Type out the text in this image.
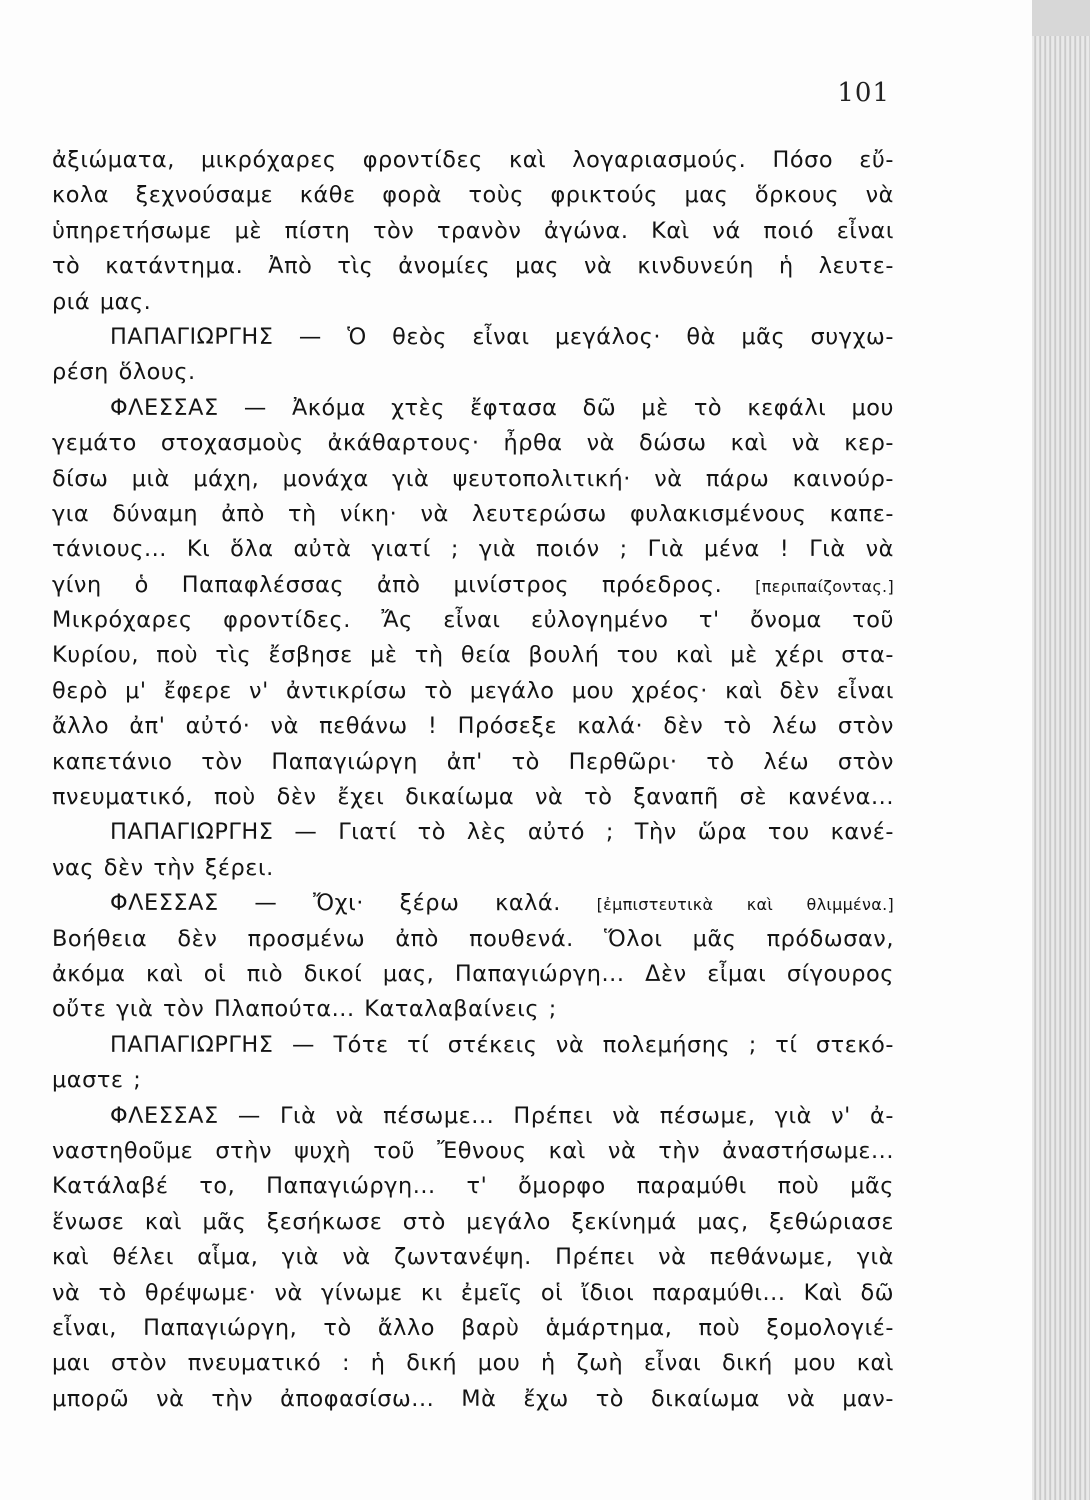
101
ἀξιώματα, μικρόχαρες φροντίδες καὶ λογαριασμούς. Πόσο εὔ-
κολα ξεχνούσαμε κάθε φορὰ τοὺς φρικτούς μας ὅρκους νὰ
ὑπηρετήσωμε μὲ πίστη τὸν τρανὸν ἀγώνα. Καὶ νά ποιό εἶναι
τὸ κατάντημα. Ἀπὸ τὶς ἀνομίες μας νὰ κινδυνεύη ἡ λευτε-
ριά μας.
ΠΑΠΑΓΙΩΡΓΗΣ — Ὁ θεὸς εἶναι μεγάλος· θὰ μᾶς συγχω-
ρέση ὅλους.
ΦΛΕΣΣΑΣ — Ἀκόμα χτὲς ἔφτασα δῶ μὲ τὸ κεφάλι μου
γεμάτο στοχασμοὺς ἀκάθαρτους· ἦρθα νὰ δώσω καὶ νὰ κερ-
δίσω μιὰ μάχη, μονάχα γιὰ ψευτοπολιτική· νὰ πάρω καινούρ-
για δύναμη ἀπὸ τὴ νίκη· νὰ λευτερώσω φυλακισμένους καπε-
τάνιους... Κι ὅλα αὐτὰ γιατί ; γιὰ ποιόν ; Γιὰ μένα ! Γιὰ νὰ
γίνη ὁ Παπαφλέσσας ἀπὸ μινίστρος πρόεδρος. [περιπαίζοντας.]
Μικρόχαρες φροντίδες. Ἄς εἶναι εὐλογημένο τ' ὄνομα τοῦ
Κυρίου, ποὺ τὶς ἔσβησε μὲ τὴ θεία βουλή του καὶ μὲ χέρι στα-
θερὸ μ' ἔφερε ν' ἀντικρίσω τὸ μεγάλο μου χρέος· καὶ δὲν εἶναι
ἄλλο ἀπ' αὐτό· νὰ πεθάνω ! Πρόσεξε καλά· δὲν τὸ λέω στὸν
καπετάνιο τὸν Παπαγιώργη ἀπ' τὸ Περθῶρι· τὸ λέω στὸν
πνευματικό, ποὺ δὲν ἔχει δικαίωμα νὰ τὸ ξαναπῆ σὲ κανένα...
ΠΑΠΑΓΙΩΡΓΗΣ — Γιατί τὸ λὲς αὐτό ; Τὴν ὥρα του κανέ-
νας δὲν τὴν ξέρει.
ΦΛΕΣΣΑΣ — Ὄχι· ξέρω καλά. [ἐμπιστευτικὰ καὶ θλιμμένα.]
Βοήθεια δὲν προσμένω ἀπὸ πουθενά. Ὅλοι μᾶς πρόδωσαν,
ἀκόμα καὶ οἱ πιὸ δικοί μας, Παπαγιώργη... Δὲν εἶμαι σίγουρος
οὔτε γιὰ τὸν Πλαπούτα... Καταλαβαίνεις ;
ΠΑΠΑΓΙΩΡΓΗΣ — Τότε τί στέκεις νὰ πολεμήσης ; τί στεκό-
μαστε ;
ΦΛΕΣΣΑΣ — Γιὰ νὰ πέσωμε... Πρέπει νὰ πέσωμε, γιὰ ν' ἀ-
ναστηθοῦμε στὴν ψυχὴ τοῦ Ἔθνους καὶ νὰ τὴν ἀναστήσωμε...
Κατάλαβέ το, Παπαγιώργη... τ' ὄμορφο παραμύθι ποὺ μᾶς
ἕνωσε καὶ μᾶς ξεσήκωσε στὸ μεγάλο ξεκίνημά μας, ξεθώριασε
καὶ θέλει αἷμα, γιὰ νὰ ζωντανέψη. Πρέπει νὰ πεθάνωμε, γιὰ
νὰ τὸ θρέψωμε· νὰ γίνωμε κι ἐμεῖς οἱ ἴδιοι παραμύθι... Καὶ δῶ
εἶναι, Παπαγιώργη, τὸ ἄλλο βαρὺ ἁμάρτημα, ποὺ ξομολογιέ-
μαι στὸν πνευματικό : ἡ δική μου ἡ ζωὴ εἶναι δική μου καὶ
μπορῶ νὰ τὴν ἀποφασίσω... Μὰ ἔχω τὸ δικαίωμα νὰ μαν-
